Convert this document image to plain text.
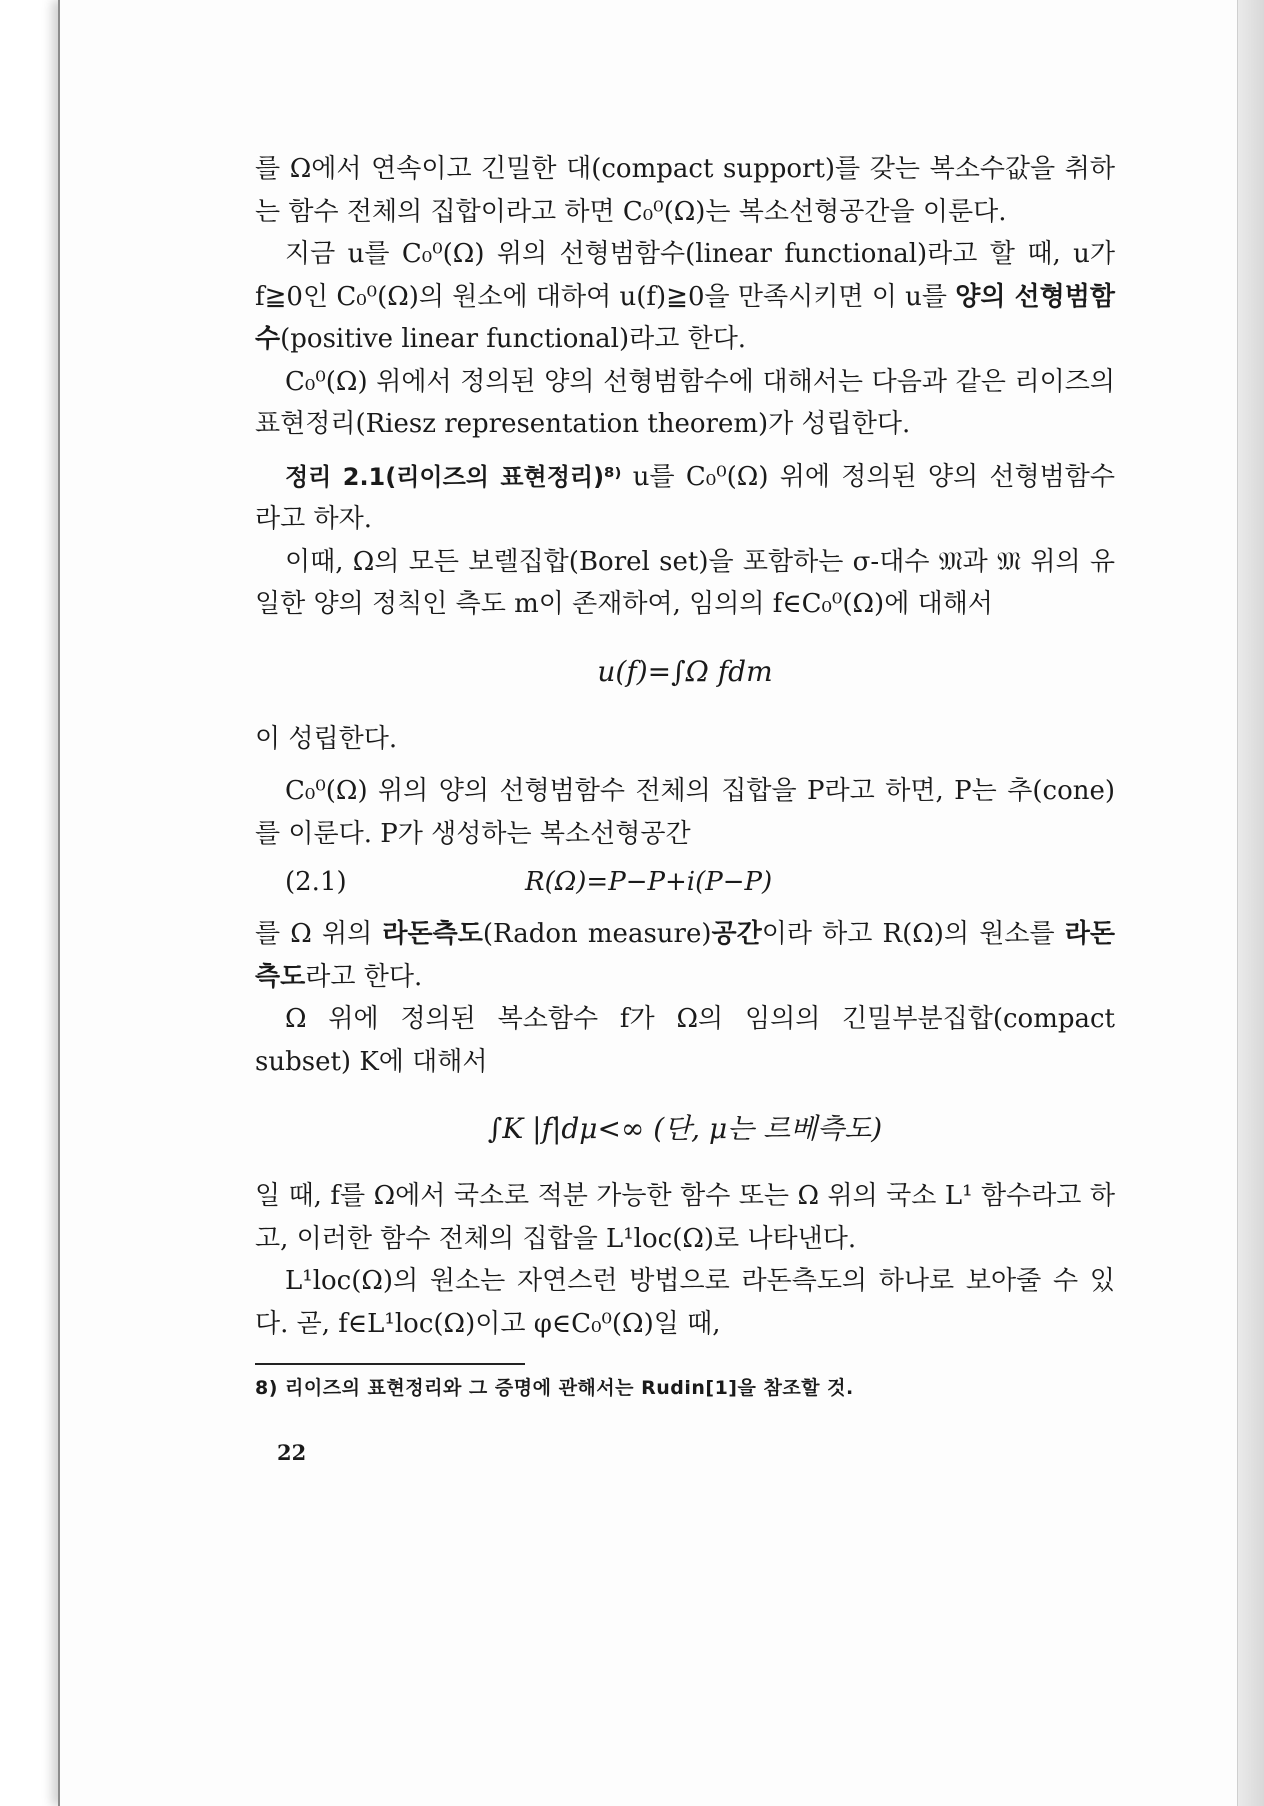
를 Ω에서 연속이고 긴밀한 대(compact support)를 갖는 복소수값을 취하는 함수 전체의 집합이라고 하면 C₀⁰(Ω)는 복소선형공간을 이룬다.

지금 u를 C₀⁰(Ω) 위의 선형범함수(linear functional)라고 할 때, u가 f≧0인 C₀⁰(Ω)의 원소에 대하여 u(f)≧0을 만족시키면 이 u를 양의 선형범함수(positive linear functional)라고 한다.

C₀⁰(Ω) 위에서 정의된 양의 선형범함수에 대해서는 다음과 같은 리이즈의 표현정리(Riesz representation theorem)가 성립한다.

정리 2.1(리이즈의 표현정리)⁸⁾ u를 C₀⁰(Ω) 위에 정의된 양의 선형범함수라고 하자.

이때, Ω의 모든 보렐집합(Borel set)을 포함하는 σ-대수 𝔐과 𝔐 위의 유일한 양의 정칙인 측도 m이 존재하여, 임의의 f∈C₀⁰(Ω)에 대해서

u(f)=∫Ω fdm

이 성립한다.

C₀⁰(Ω) 위의 양의 선형범함수 전체의 집합을 P라고 하면, P는 추(cone)를 이룬다. P가 생성하는 복소선형공간

(2.1)	R(Ω)=P−P+i(P−P)

를 Ω 위의 라돈측도(Radon measure)공간이라 하고 R(Ω)의 원소를 라돈측도라고 한다.

Ω 위에 정의된 복소함수 f가 Ω의 임의의 긴밀부분집합(compact subset) K에 대해서

∫K |f|dμ<∞ (단, μ는 르베측도)

일 때, f를 Ω에서 국소로 적분 가능한 함수 또는 Ω 위의 국소 L¹ 함수라고 하고, 이러한 함수 전체의 집합을 L¹loc(Ω)로 나타낸다.

L¹loc(Ω)의 원소는 자연스런 방법으로 라돈측도의 하나로 보아줄 수 있다. 곧, f∈L¹loc(Ω)이고 φ∈C₀⁰(Ω)일 때,

8) 리이즈의 표현정리와 그 증명에 관해서는 Rudin[1]을 참조할 것.
22
